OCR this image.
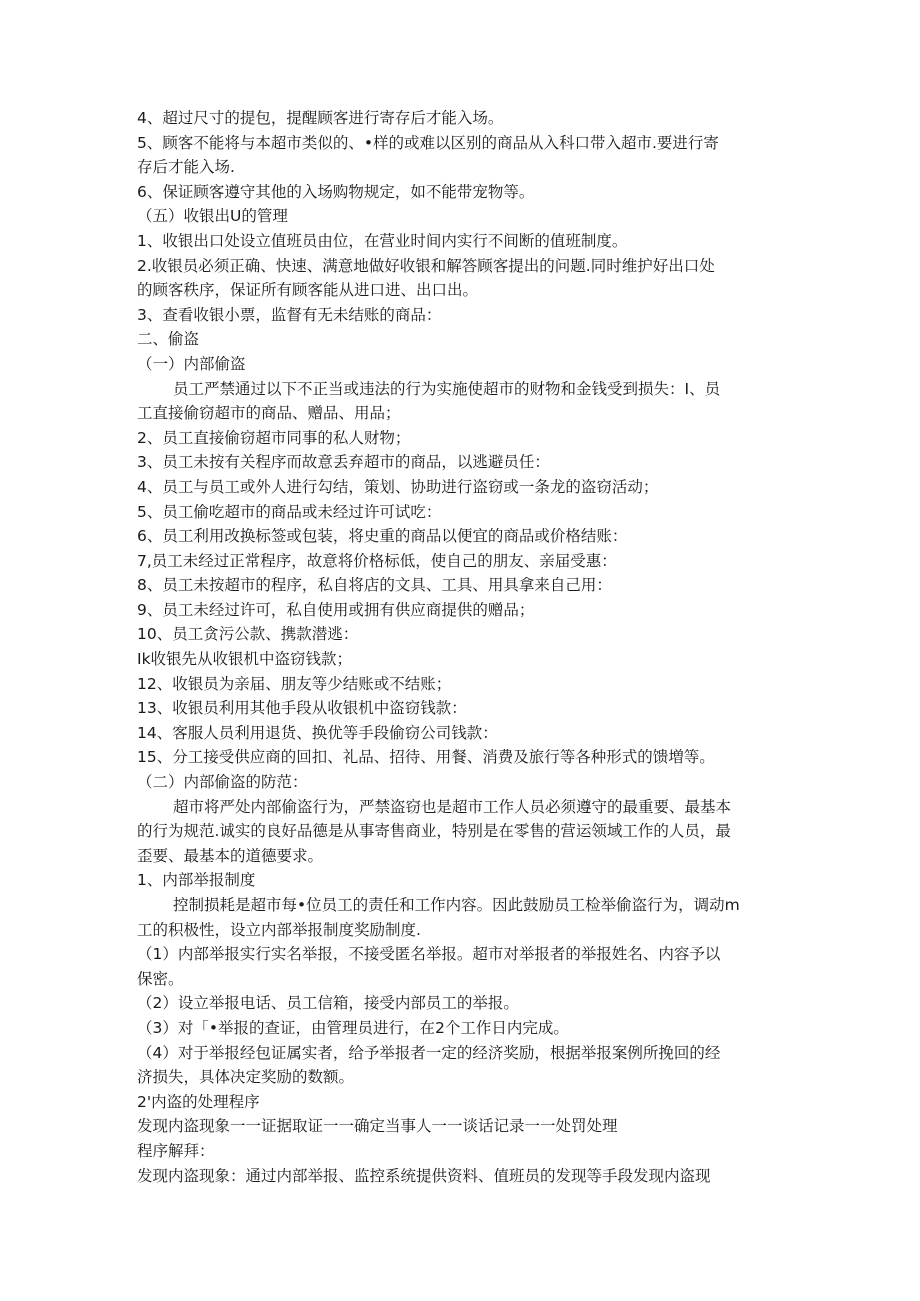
4、超过尺寸的提包，提醒顾客进行寄存后才能入场。
5、顾客不能将与本超市类似的、•样的或难以区别的商品从入科口带入超市.要进行寄
存后才能入场.
6、保证顾客遵守其他的入场购物规定，如不能带宠物等。
（五）收银出U的管理
1、收银出口处设立值班员由位，在营业时间内实行不间断的值班制度。
2.收银员必须正确、快速、满意地做好收银和解答顾客提出的问题.同时维护好出口处
的顾客秩序，保证所有顾客能从进口进、出口出。
3、查看收银小票，监督有无未结账的商品：
二、偷盗
（一）内部偷盗
员工严禁通过以下不正当或违法的行为实施使超市的财物和金钱受到损失：I、员
工直接偷窃超市的商品、赠品、用品；
2、员工直接偷窃超市同事的私人财物；
3、员工未按有关程序而故意丢弃超市的商品，以逃避员任：
4、员工与员工或外人进行勾结，策划、协助进行盗窃或一条龙的盗窃活动；
5、员工偷吃超市的商品或未经过许可试吃：
6、员工利用改换标签或包装，将史重的商品以便宜的商品或价格结账：
7,员工未经过正常程序，故意将价格标低，使自己的朋友、亲届受惠：
8、员工未按超市的程序，私自将店的文具、工具、用具拿来自己用：
9、员工未经过许可，私自使用或拥有供应商提供的赠品；
10、员工贪污公款、携款潜逃：
Ik收银先从收银机中盗窃钱款；
12、收银员为亲届、朋友等少结账或不结账；
13、收银员利用其他手段从收银机中盗窃钱款：
14、客服人员利用退货、换优等手段偷窃公司钱款：
15、分工接受供应商的回扣、礼品、招待、用餐、消费及旅行等各种形式的馈増等。
（二）内部偷盗的防范：
超市将严处内部偷盗行为，严禁盗窃也是超市工作人员必须遵守的最重要、最基本
的行为规范.诚实的良好品德是从事寄售商业，特别是在零售的营运领域工作的人员，最
歪要、最基本的道德要求。
1、内部举报制度
控制损耗是超市每•位员工的责任和工作内容。因此鼓励员工检举偷盗行为，调动m
工的积极性，设立内部举报制度奖励制度.
（1）内部举报实行实名举报，不接受匿名举报。超市对举报者的举报姓名、内容予以
保密。
（2）设立举报电话、员工信箱，接受内部员工的举报。
（3）对「•举报的查证，由管理员进行，在2个工作日内完成。
（4）对于举报经包证属实者，给予举报者一定的经济奖励，根据举报案例所挽回的经
济损失，具体决定奖励的数额。
2'内盗的处理程序
发现内盗现象一一证据取证一一确定当事人一一谈话记录一一处罚处理
程序解拜：
发现内盗现象：通过内部举报、监控系统提供资料、值班员的发现等手段发现内盗现
